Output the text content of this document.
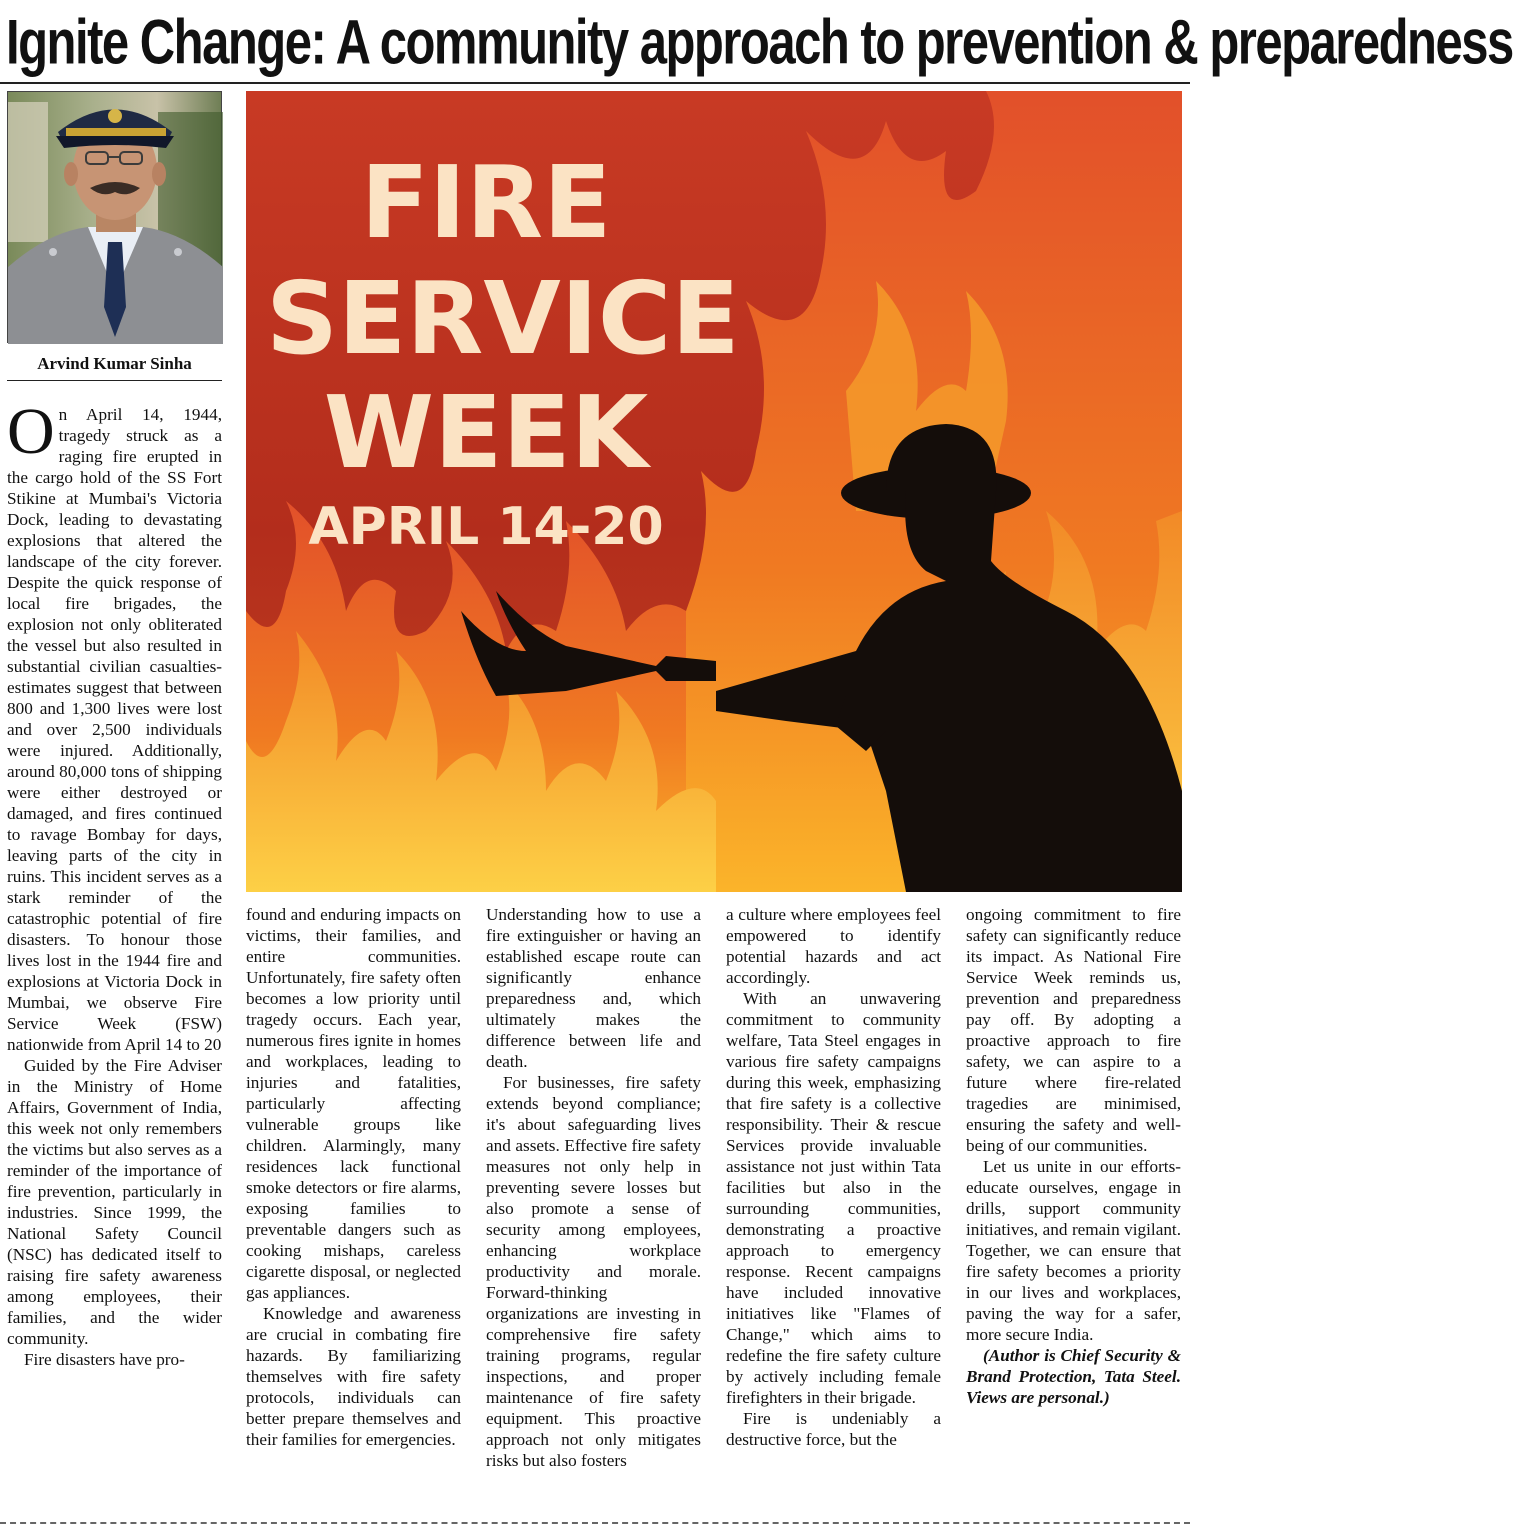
Ignite Change: A community approach to prevention & preparedness
Arvind Kumar Sinha
FIRE
SERVICE
WEEK
APRIL 14-20

On April 14, 1944, tragedy struck as a raging fire erupted in the cargo hold of the SS Fort Stikine at Mumbai's Victoria Dock, leading to devastating explosions that altered the landscape of the city forever. Despite the quick response of local fire brigades, the explosion not only obliterated the vessel but also resulted in substantial civilian casualties-estimates suggest that between 800 and 1,300 lives were lost and over 2,500 individuals were injured. Additionally, around 80,000 tons of shipping were either destroyed or damaged, and fires continued to ravage Bombay for days, leaving parts of the city in ruins. This incident serves as a stark reminder of the catastrophic potential of fire disasters. To honour those lives lost in the 1944 fire and explosions at Victoria Dock in Mumbai, we observe Fire Service Week (FSW) nationwide from April 14 to 20

Guided by the Fire Adviser in the Ministry of Home Affairs, Government of India, this week not only remembers the victims but also serves as a reminder of the importance of fire prevention, particularly in industries. Since 1999, the National Safety Council (NSC) has dedicated itself to raising fire safety awareness among employees, their families, and the wider community.

Fire disasters have pro-

found and enduring impacts on victims, their families, and entire communities. Unfortunately, fire safety often becomes a low priority until tragedy occurs. Each year, numerous fires ignite in homes and workplaces, leading to injuries and fatalities, particularly affecting vulnerable groups like children. Alarmingly, many residences lack functional smoke detectors or fire alarms, exposing families to preventable dangers such as cooking mishaps, careless cigarette disposal, or neglected gas appliances.

Knowledge and awareness are crucial in combating fire hazards. By familiarizing themselves with fire safety protocols, individuals can better prepare themselves and their families for emergencies.

Understanding how to use a fire extinguisher or having an established escape route can significantly enhance preparedness and, which ultimately makes the difference between life and death.

For businesses, fire safety extends beyond compliance; it's about safeguarding lives and assets. Effective fire safety measures not only help in preventing severe losses but also promote a sense of security among employees, enhancing workplace productivity and morale. Forward-thinking organizations are investing in comprehensive fire safety training programs, regular inspections, and proper maintenance of fire safety equipment. This proactive approach not only mitigates risks but also fosters

a culture where employees feel empowered to identify potential hazards and act accordingly.

With an unwavering commitment to community welfare, Tata Steel engages in various fire safety campaigns during this week, emphasizing that fire safety is a collective responsibility. Their & rescue Services provide invaluable assistance not just within Tata facilities but also in the surrounding communities, demonstrating a proactive approach to emergency response. Recent campaigns have included innovative initiatives like "Flames of Change," which aims to redefine the fire safety culture by actively including female firefighters in their brigade.

Fire is undeniably a destructive force, but the

ongoing commitment to fire safety can significantly reduce its impact. As National Fire Service Week reminds us, prevention and preparedness pay off. By adopting a proactive approach to fire safety, we can aspire to a future where fire-related tragedies are minimised, ensuring the safety and well-being of our communities.

Let us unite in our efforts-educate ourselves, engage in drills, support community initiatives, and remain vigilant. Together, we can ensure that fire safety becomes a priority in our lives and workplaces, paving the way for a safer, more secure India.

(Author is Chief Security & Brand Protection, Tata Steel. Views are personal.)
